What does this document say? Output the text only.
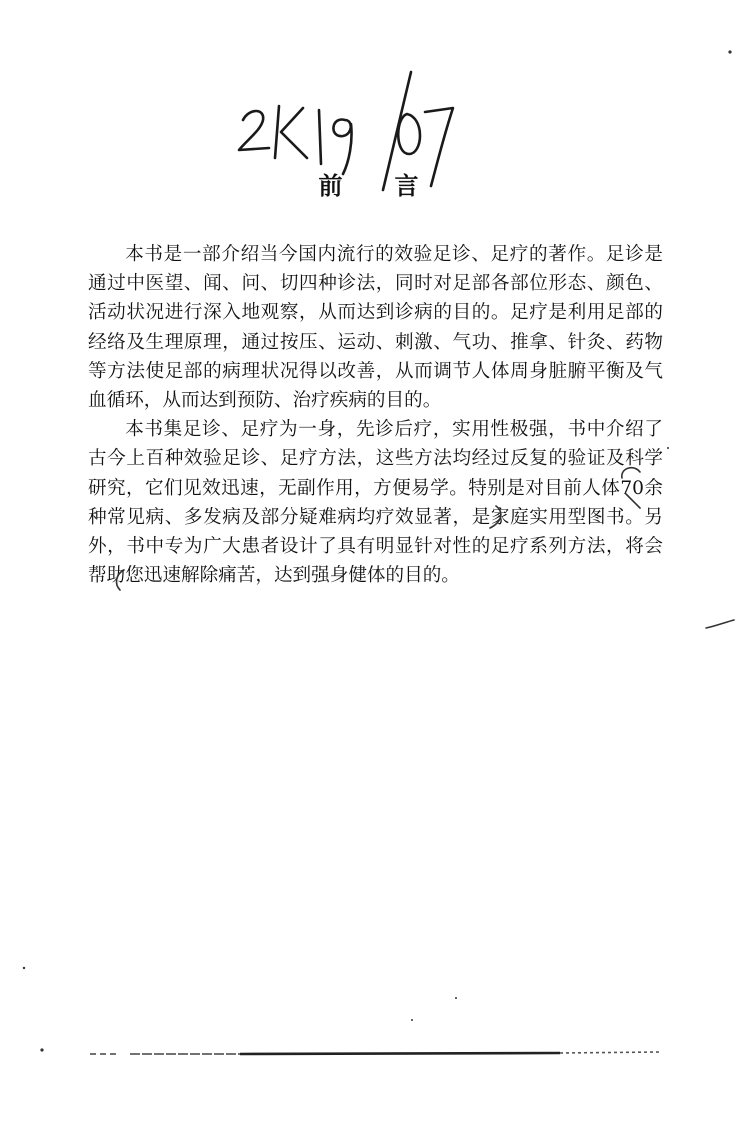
前言

本书是一部介绍当今国内流行的效验足诊、足疗的著作。足诊是通过中医望、闻、问、切四种诊法，同时对足部各部位形态、颜色、活动状况进行深入地观察，从而达到诊病的目的。足疗是利用足部的经络及生理原理，通过按压、运动、刺激、气功、推拿、针灸、药物等方法使足部的病理状况得以改善，从而调节人体周身脏腑平衡及气血循环，从而达到预防、治疗疾病的目的。

本书集足诊、足疗为一身，先诊后疗，实用性极强，书中介绍了古今上百种效验足诊、足疗方法，这些方法均经过反复的验证及科学研究，它们见效迅速，无副作用，方便易学。特别是对目前人体70余种常见病、多发病及部分疑难病均疗效显著，是家庭实用型图书。另外，书中专为广大患者设计了具有明显针对性的足疗系列方法，将会帮助您迅速解除痛苦，达到强身健体的目的。
